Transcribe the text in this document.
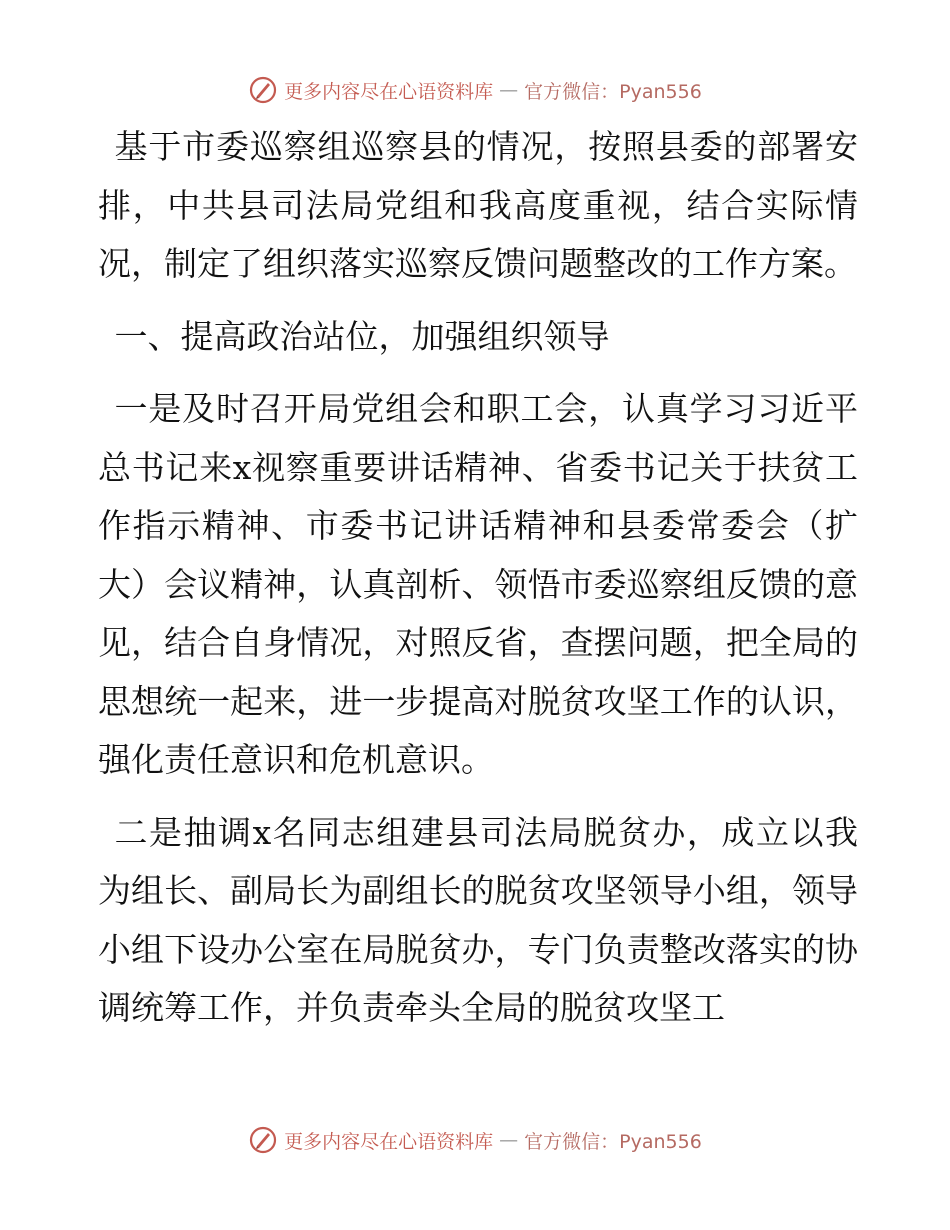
更多内容尽在心语资料库 — 官方微信：Pyan556

基于市委巡察组巡察县的情况，按照县委的部署安排，中共县司法局党组和我高度重视，结合实际情况，制定了组织落实巡察反馈问题整改的工作方案。

一、提高政治站位，加强组织领导

一是及时召开局党组会和职工会，认真学习习近平总书记来x视察重要讲话精神、省委书记关于扶贫工作指示精神、市委书记讲话精神和县委常委会（扩大）会议精神，认真剖析、领悟市委巡察组反馈的意见，结合自身情况，对照反省，查摆问题，把全局的思想统一起来，进一步提高对脱贫攻坚工作的认识，强化责任意识和危机意识。

二是抽调x名同志组建县司法局脱贫办，成立以我为组长、副局长为副组长的脱贫攻坚领导小组，领导小组下设办公室在局脱贫办，专门负责整改落实的协调统筹工作，并负责牵头全局的脱贫攻坚工

更多内容尽在心语资料库 — 官方微信：Pyan556
